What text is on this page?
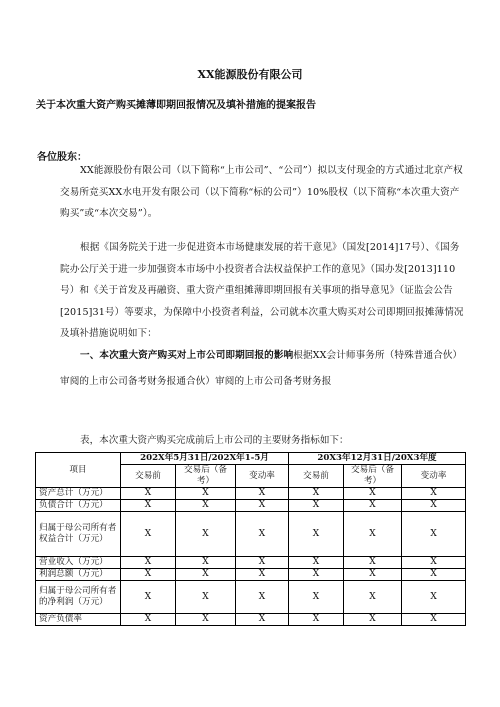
XX能源股份有限公司
关于本次重大资产购买摊薄即期回报情况及填补措施的提案报告
各位股东：
XX能源股份有限公司（以下简称“上市公司”、“公司”）拟以支付现金的方式通过北京产权交易所竞买XX水电开发有限公司（以下简称“标的公司”）10%股权（以下简称“本次重大资产购买”或“本次交易”）。
根据《国务院关于进一步促进资本市场健康发展的若干意见》（国发[2014]17号）、《国务院办公厅关于进一步加强资本市场中小投资者合法权益保护工作的意见》（国办发[2013]110号）和《关于首发及再融资、重大资产重组摊薄即期回报有关事项的指导意见》（证监会公告[2015]31号）等要求，为保障中小投资者利益，公司就本次重大购买对公司即期回报摊薄情况及填补措施说明如下：
一、本次重大资产购买对上市公司即期回报的影响根据XX会计师事务所（特殊普通合伙）审阅的上市公司备考财务报通合伙）审阅的上市公司备考财务报
表，本次重大资产购买完成前后上市公司的主要财务指标如下：
项目	202X年5月31日/202X年1-5月			20X3年12月31日/20X3年度		
	交易前	交易后（备考）	变动率	交易前	交易后（备考）	变动率
资产总计（万元）	X	X	X	X	X	X
负债合计（万元）	X	X	X	X	X	X
归属于母公司所有者权益合计（万元）	X	X	X	X	X	X
营业收入（万元）	X	X	X	X	X	X
利润总额（万元）	X	X	X	X	X	X
归属于母公司所有者的净利润（万元）	X	X	X	X	X	X
资产负债率	X	X	X	X	X	X
